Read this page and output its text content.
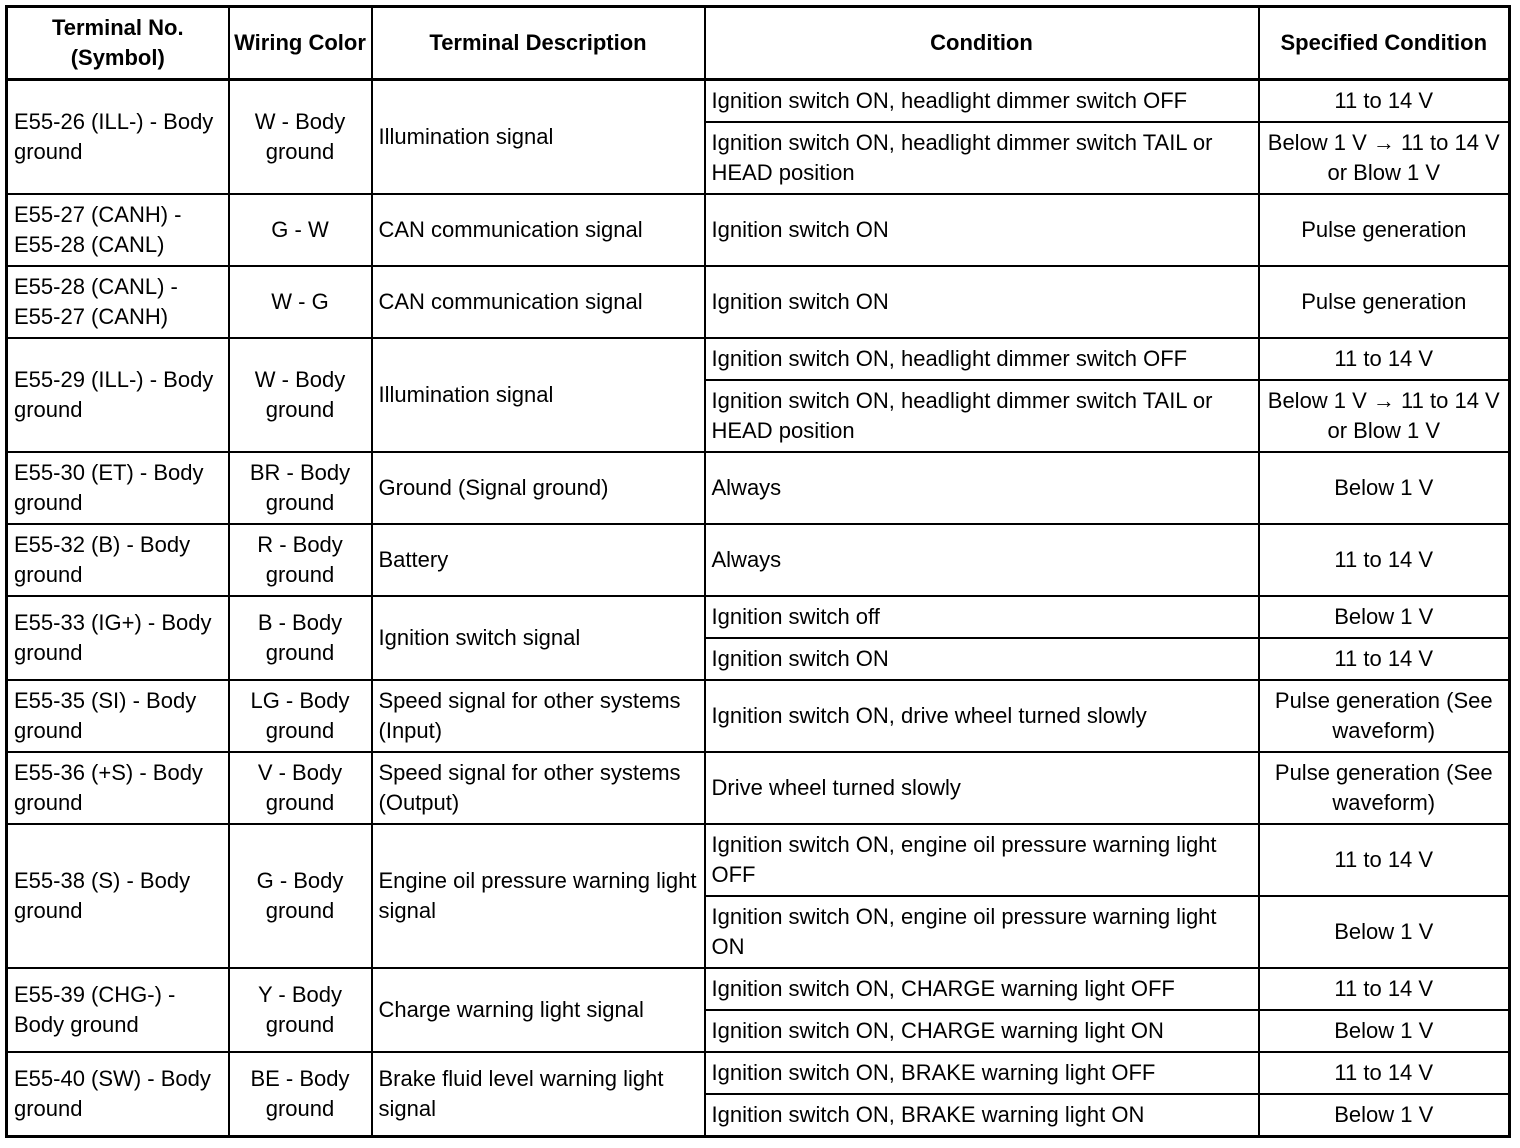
Terminal No. (Symbol)	Wiring Color	Terminal Description	Condition	Specified Condition
E55-26 (ILL-) - Body ground	W - Body ground	Illumination signal	Ignition switch ON, headlight dimmer switch OFF	11 to 14 V
			Ignition switch ON, headlight dimmer switch TAIL or HEAD position	Below 1 V → 11 to 14 V or Blow 1 V
E55-27 (CANH) - E55-28 (CANL)	G - W	CAN communication signal	Ignition switch ON	Pulse generation
E55-28 (CANL) - E55-27 (CANH)	W - G	CAN communication signal	Ignition switch ON	Pulse generation
E55-29 (ILL-) - Body ground	W - Body ground	Illumination signal	Ignition switch ON, headlight dimmer switch OFF	11 to 14 V
			Ignition switch ON, headlight dimmer switch TAIL or HEAD position	Below 1 V → 11 to 14 V or Blow 1 V
E55-30 (ET) - Body ground	BR - Body ground	Ground (Signal ground)	Always	Below 1 V
E55-32 (B) - Body ground	R - Body ground	Battery	Always	11 to 14 V
E55-33 (IG+) - Body ground	B - Body ground	Ignition switch signal	Ignition switch off	Below 1 V
			Ignition switch ON	11 to 14 V
E55-35 (SI) - Body ground	LG - Body ground	Speed signal for other systems (Input)	Ignition switch ON, drive wheel turned slowly	Pulse generation (See waveform)
E55-36 (+S) - Body ground	V - Body ground	Speed signal for other systems (Output)	Drive wheel turned slowly	Pulse generation (See waveform)
E55-38 (S) - Body ground	G - Body ground	Engine oil pressure warning light signal	Ignition switch ON, engine oil pressure warning light OFF	11 to 14 V
			Ignition switch ON, engine oil pressure warning light ON	Below 1 V
E55-39 (CHG-) - Body ground	Y - Body ground	Charge warning light signal	Ignition switch ON, CHARGE warning light OFF	11 to 14 V
			Ignition switch ON, CHARGE warning light ON	Below 1 V
E55-40 (SW) - Body ground	BE - Body ground	Brake fluid level warning light signal	Ignition switch ON, BRAKE warning light OFF	11 to 14 V
			Ignition switch ON, BRAKE warning light ON	Below 1 V
